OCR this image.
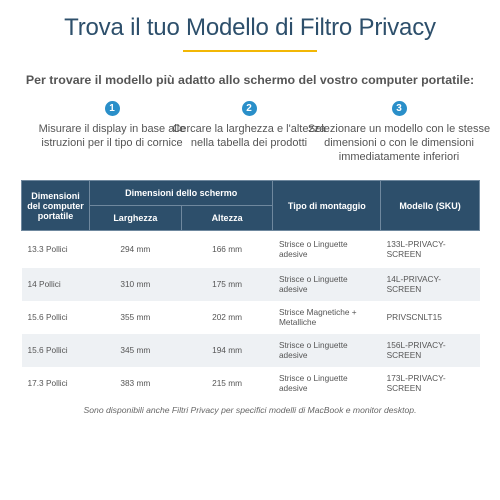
Trova il tuo Modello di Filtro Privacy
Per trovare il modello più adatto allo schermo del vostro computer portatile:
1
Misurare il display in base alle istruzioni per il tipo di cornice
2
Cercare la larghezza e l'altezza nella tabella dei prodotti
3
Selezionare un modello con le stesse dimensioni o con le dimensioni immediatamente inferiori
Dimensioni del computer portatile	Dimensioni dello schermo		Tipo di montaggio	Modello (SKU)
	Larghezza	Altezza		
13.3 Pollici	294 mm	166 mm	Strisce o Linguette adesive	133L-PRIVACY-SCREEN
14 Pollici	310 mm	175 mm	Strisce o Linguette adesive	14L-PRIVACY-SCREEN
15.6 Pollici	355 mm	202 mm	Strisce Magnetiche + Metalliche	PRIVSCNLT15
15.6 Pollici	345 mm	194 mm	Strisce o Linguette adesive	156L-PRIVACY-SCREEN
17.3 Pollici	383 mm	215 mm	Strisce o Linguette adesive	173L-PRIVACY-SCREEN
Sono disponibili anche Filtri Privacy per specifici modelli di MacBook e monitor desktop.
